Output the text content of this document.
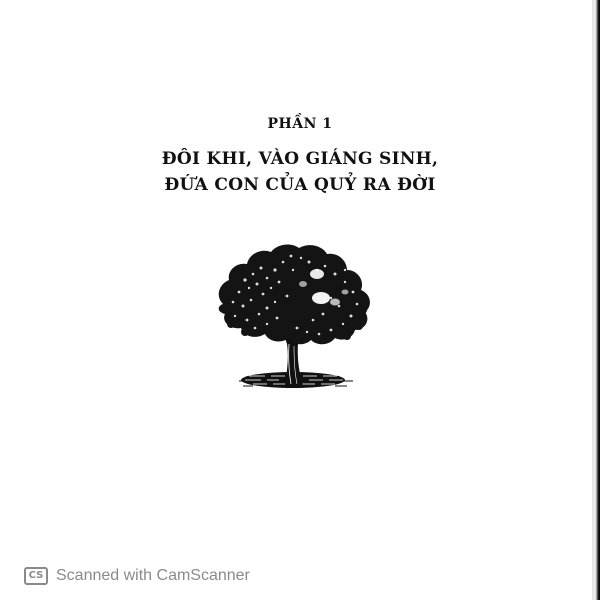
PHẦN 1
ĐÔI KHI, VÀO GIÁNG SINH,
ĐỨA CON CỦA QUỶ RA ĐỜI
CS Scanned with CamScanner
